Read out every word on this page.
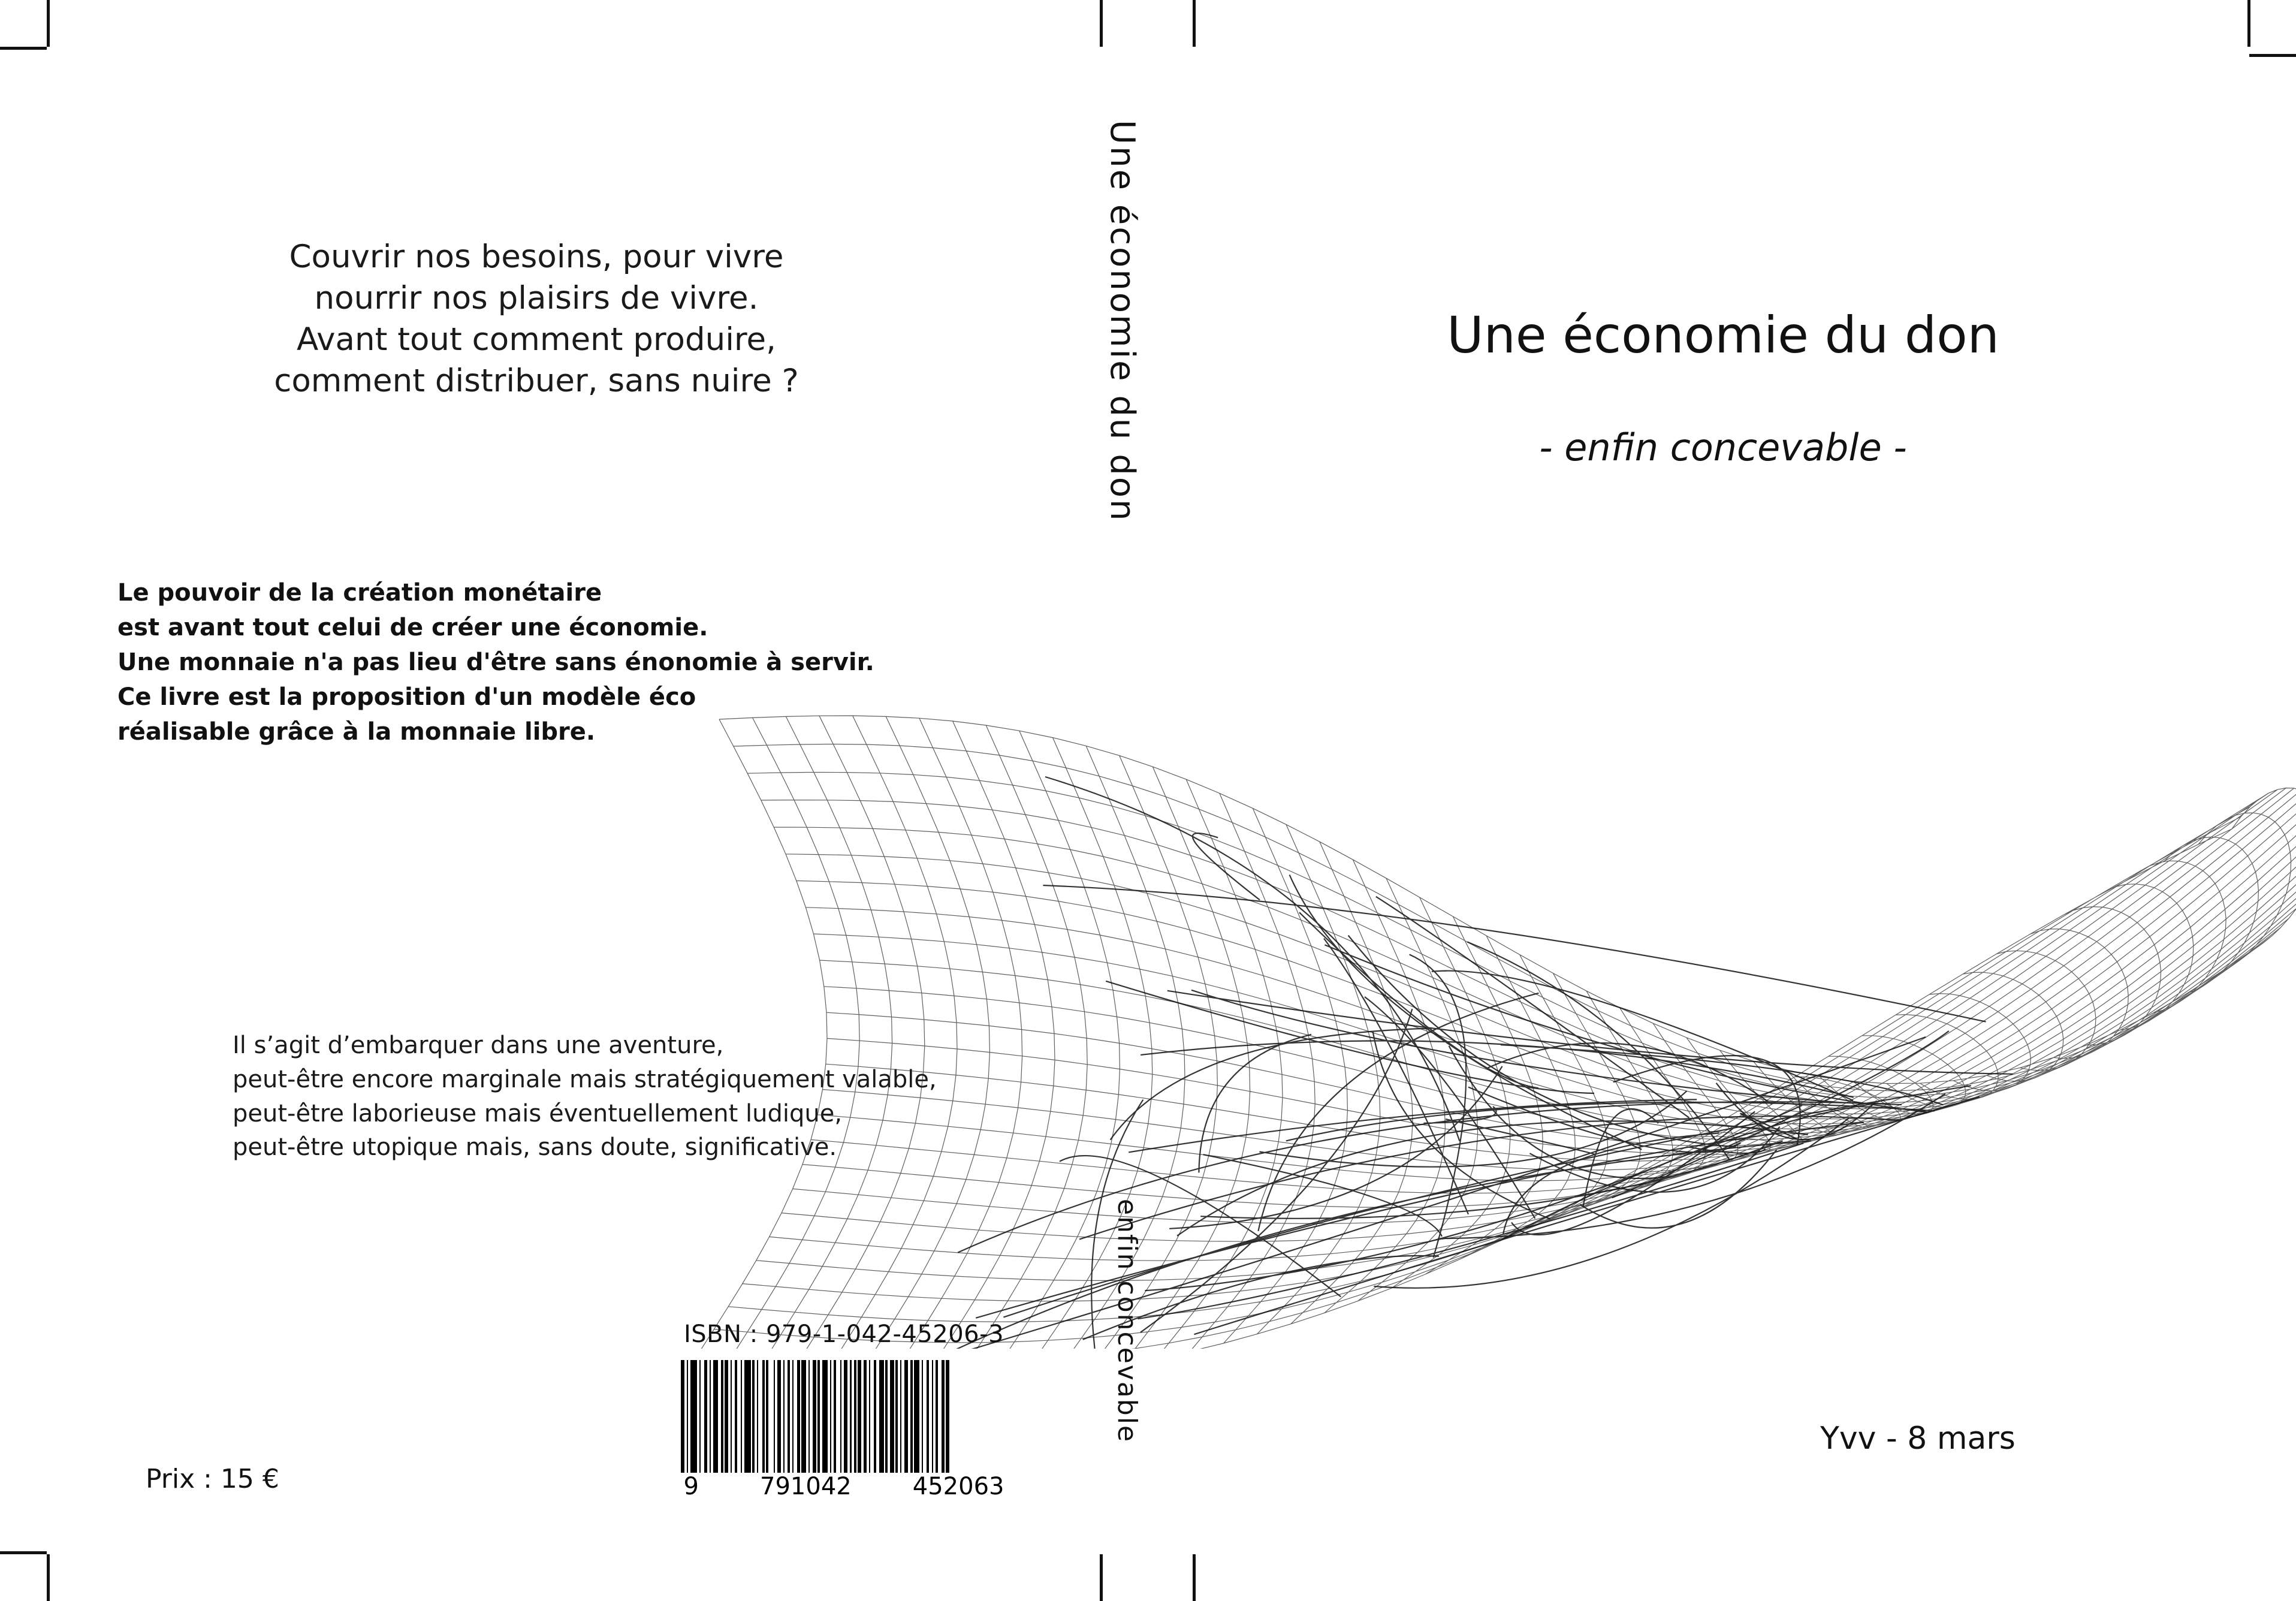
Couvrir nos besoins, pour vivre
nourrir nos plaisirs de vivre.
Avant tout comment produire,
comment distribuer, sans nuire ?
Le pouvoir de la création monétaire
est avant tout celui de créer une économie.
Une monnaie n'a pas lieu d'être sans énonomie à servir.
Ce livre est la proposition d'un modèle éco
réalisable grâce à la monnaie libre.
Il s’agit d’embarquer dans une aventure,
peut-être encore marginale mais stratégiquement valable,
peut-être laborieuse mais éventuellement ludique,
peut-être utopique mais, sans doute, significative.
Prix : 15 €
ISBN : 979-1-042-45206-3
9	791042	452063
Une économie du don
enfin concevable
Une économie du don
- enfin concevable -
Yvv - 8 mars
